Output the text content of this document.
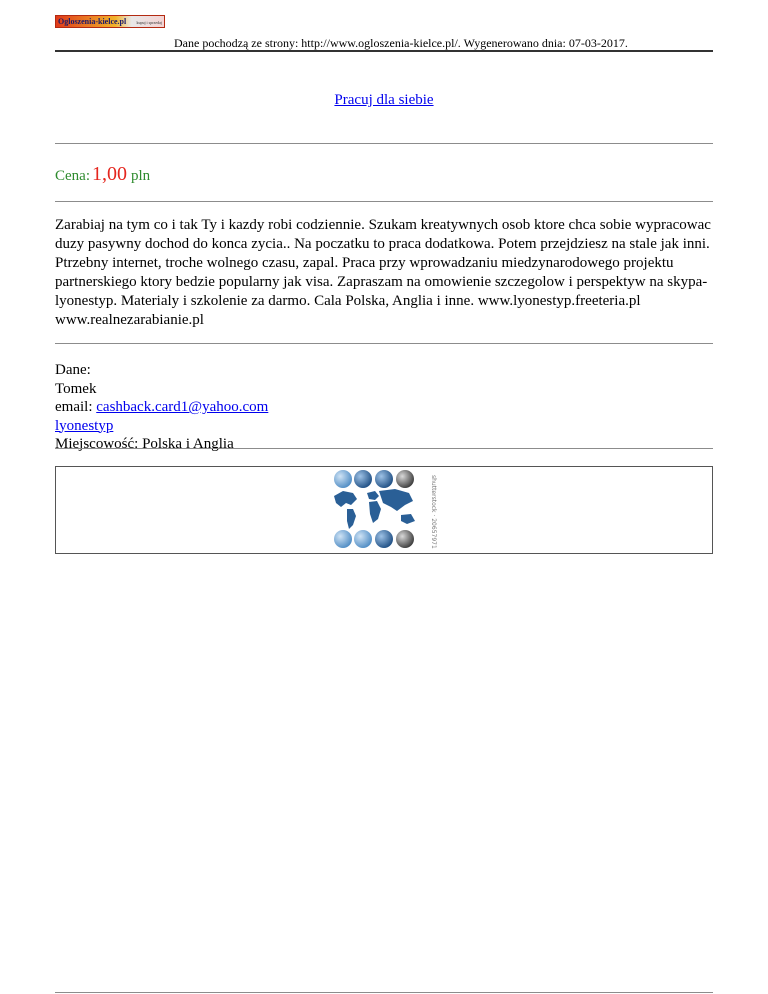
Ogloszenia-kielce.pl	kupuj i sprzedaj
Dane pochodzą ze strony: http://www.ogloszenia-kielce.pl/. Wygenerowano dnia: 07-03-2017.
Pracuj dla siebie
Cena: 1,00 pln
Zarabiaj na tym co i tak Ty i kazdy robi codziennie. Szukam kreatywnych osob ktore chca sobie wypracowac duzy pasywny dochod do konca zycia.. Na poczatku to praca dodatkowa. Potem przejdziesz na stale jak inni. Ptrzebny internet, troche wolnego czasu, zapal. Praca przy wprowadzaniu miedzynarodowego projektu partnerskiego ktory bedzie popularny jak visa. Zapraszam na omowienie szczegolow i perspektyw na skypa-lyonestyp. Materialy i szkolenie za darmo. Cala Polska, Anglia i inne. www.lyonestyp.freeteria.pl www.realnezarabianie.pl
Dane:
Tomek
email: cashback.card1@yahoo.com
lyonestyp
Miejscowość: Polska i Anglia
shutterstock · 20657971
